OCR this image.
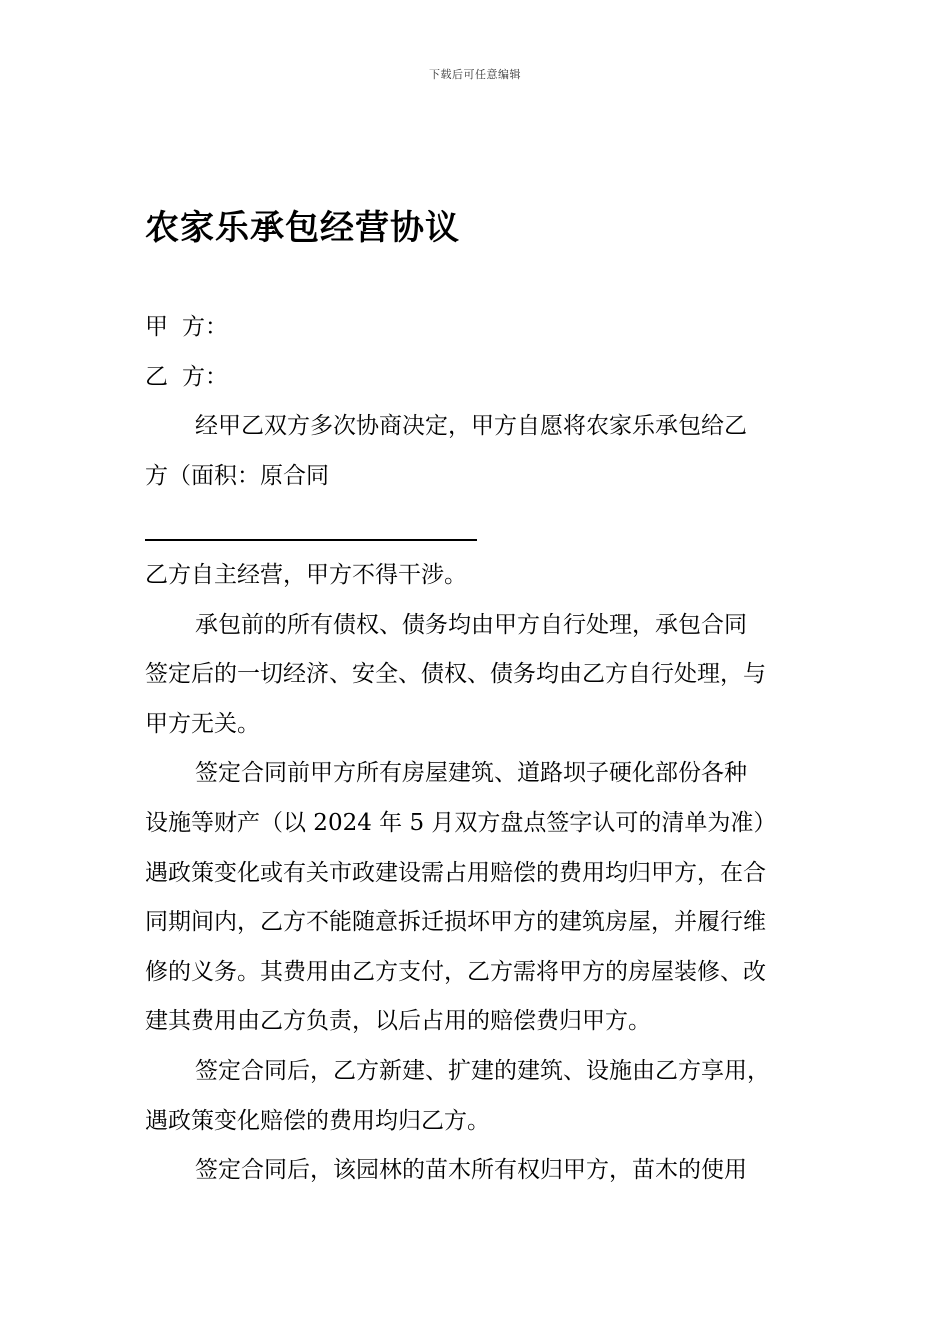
下载后可任意编辑
农家乐承包经营协议

甲 方：

乙 方：

经甲乙双方多次协商决定，甲方自愿将农家乐承包给乙

方（面积：原合同

乙方自主经营，甲方不得干涉。

承包前的所有债权、债务均由甲方自行处理，承包合同

签定后的一切经济、安全、债权、债务均由乙方自行处理，与

甲方无关。

签定合同前甲方所有房屋建筑、道路坝子硬化部份各种

设施等财产（以 2024 年 5 月双方盘点签字认可的清单为准）

遇政策变化或有关市政建设需占用赔偿的费用均归甲方，在合

同期间内，乙方不能随意拆迁损坏甲方的建筑房屋，并履行维

修的义务。其费用由乙方支付，乙方需将甲方的房屋装修、改

建其费用由乙方负责，以后占用的赔偿费归甲方。

签定合同后，乙方新建、扩建的建筑、设施由乙方享用，

遇政策变化赔偿的费用均归乙方。

签定合同后，该园林的苗木所有权归甲方，苗木的使用
